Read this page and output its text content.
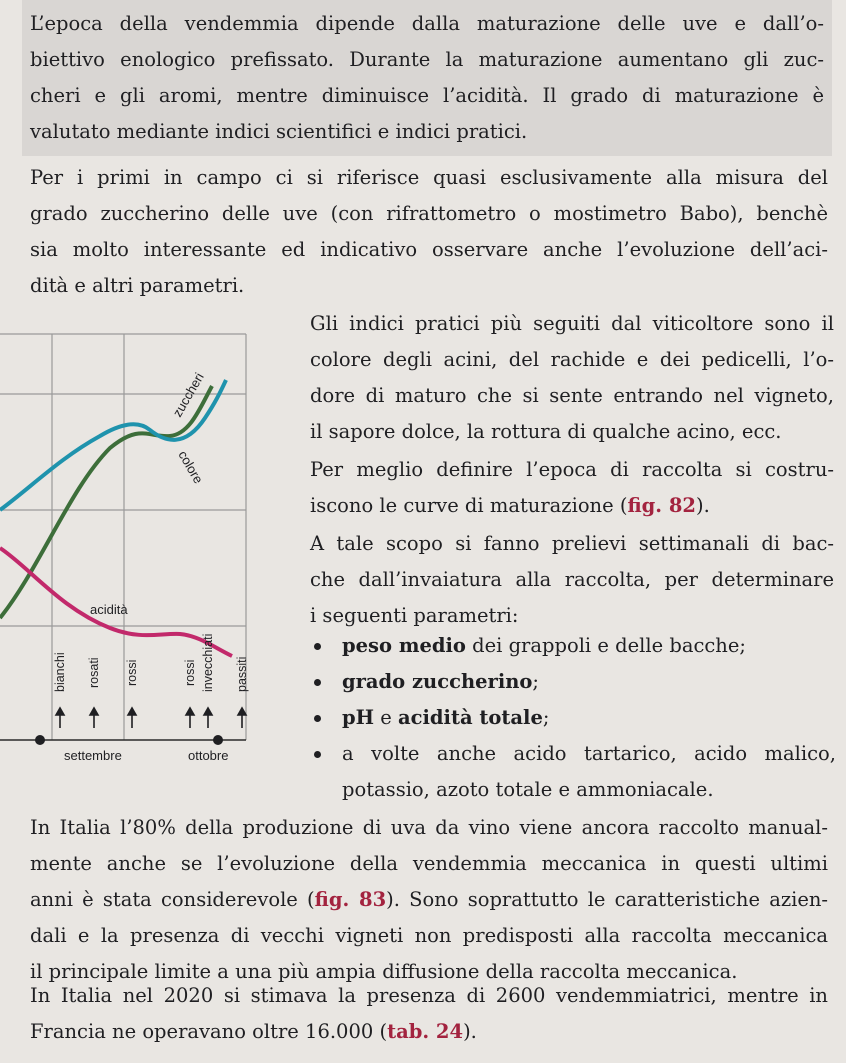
L’epoca della vendemmia dipende dalla maturazione delle uve e dall’o-
biettivo enologico prefissato. Durante la maturazione aumentano gli zuc-
cheri e gli aromi, mentre diminuisce l’acidità. Il grado di maturazione è
valutato mediante indici scientifici e indici pratici.
Per i primi in campo ci si riferisce quasi esclusivamente alla misura del
grado zuccherino delle uve (con rifrattometro o mostimetro Babo), benchè
sia molto interessante ed indicativo osservare anche l’evoluzione dell’aci-
dità e altri parametri.
zuccheri
colore
acidità
bianchi rosati rossi	rossi invecchiati passiti
settembre	ottobre
Gli indici pratici più seguiti dal viticoltore sono il
colore degli acini, del rachide e dei pedicelli, l’o-
dore di maturo che si sente entrando nel vigneto,
il sapore dolce, la rottura di qualche acino, ecc.
Per meglio definire l’epoca di raccolta si costru-
iscono le curve di maturazione (fig. 82).
A tale scopo si fanno prelievi settimanali di bac-
che dall’invaiatura alla raccolta, per determinare
i seguenti parametri:
peso medio dei grappoli e delle bacche;
grado zuccherino;
pH e acidità totale;
a volte anche acido tartarico, acido malico,
potassio, azoto totale e ammoniacale.
In Italia l’80% della produzione di uva da vino viene ancora raccolto manual-
mente anche se l’evoluzione della vendemmia meccanica in questi ultimi
anni è stata considerevole (fig. 83). Sono soprattutto le caratteristiche azien-
dali e la presenza di vecchi vigneti non predisposti alla raccolta meccanica
il principale limite a una più ampia diffusione della raccolta meccanica.
In Italia nel 2020 si stimava la presenza di 2600 vendemmiatrici, mentre in
Francia ne operavano oltre 16.000 (tab. 24).
